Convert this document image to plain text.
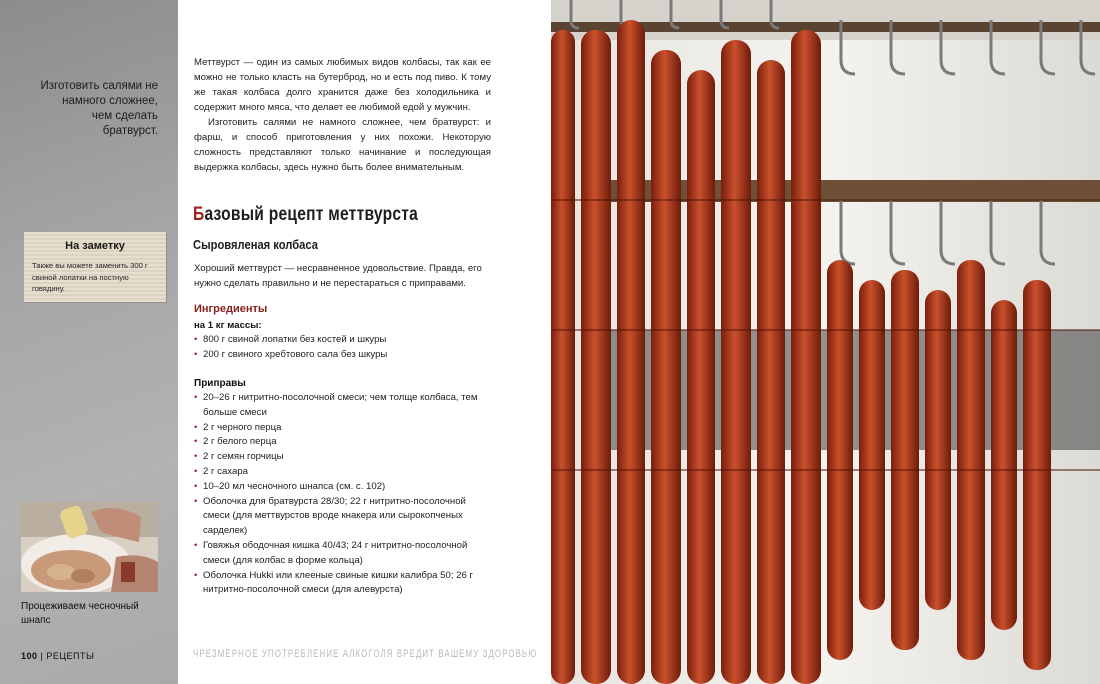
Изготовить салями не намного сложнее, чем сделать братвурст.
На заметку
Также вы можете заменить 300 г свиной лопатки на постную говядину.
Процеживаем чесночный шнапс
100 | РЕЦЕПТЫ

Меттвурст — один из самых любимых видов колбасы, так как ее можно не только класть на бутерброд, но и есть под пиво. К тому же такая колбаса долго хранится даже без холодильника и содержит много мяса, что делает ее любимой едой у мужчин.

Изготовить салями не намного сложнее, чем братвурст: и фарш, и способ приготовления у них похожи. Некоторую сложность представляют только начинание и последующая выдержка колбасы, здесь нужно быть более внимательным.

Базовый рецепт меттвурста
Сыровяленая колбаса
Хороший меттвурст — несравненное удовольствие. Правда, его нужно сделать правильно и не перестараться с приправами.
Ингредиенты
на 1 кг массы:
• 800 г свиной лопатки без костей и шкуры
• 200 г свиного хребтового сала без шкуры
Приправы
• 20–26 г нитритно-посолочной смеси; чем толще колбаса, тем больше смеси
• 2 г черного перца
• 2 г белого перца
• 2 г семян горчицы
• 2 г сахара
• 10–20 мл чесночного шнапса (см. с. 102)
• Оболочка для братвурста 28/30; 22 г нитритно-посолочной смеси (для меттвурстов вроде кнакера или сырокопченых сарделек)
• Говяжья ободочная кишка 40/43; 24 г нитритно-посолочной смеси (для колбас в форме кольца)
• Оболочка Hukki или клееные свиные кишки калибра 50; 26 г нитритно-посолочной смеси (для алевурста)
ЧРЕЗМЕРНОЕ УПОТРЕБЛЕНИЕ АЛКОГОЛЯ ВРЕДИТ ВАШЕМУ ЗДОРОВЬЮ
